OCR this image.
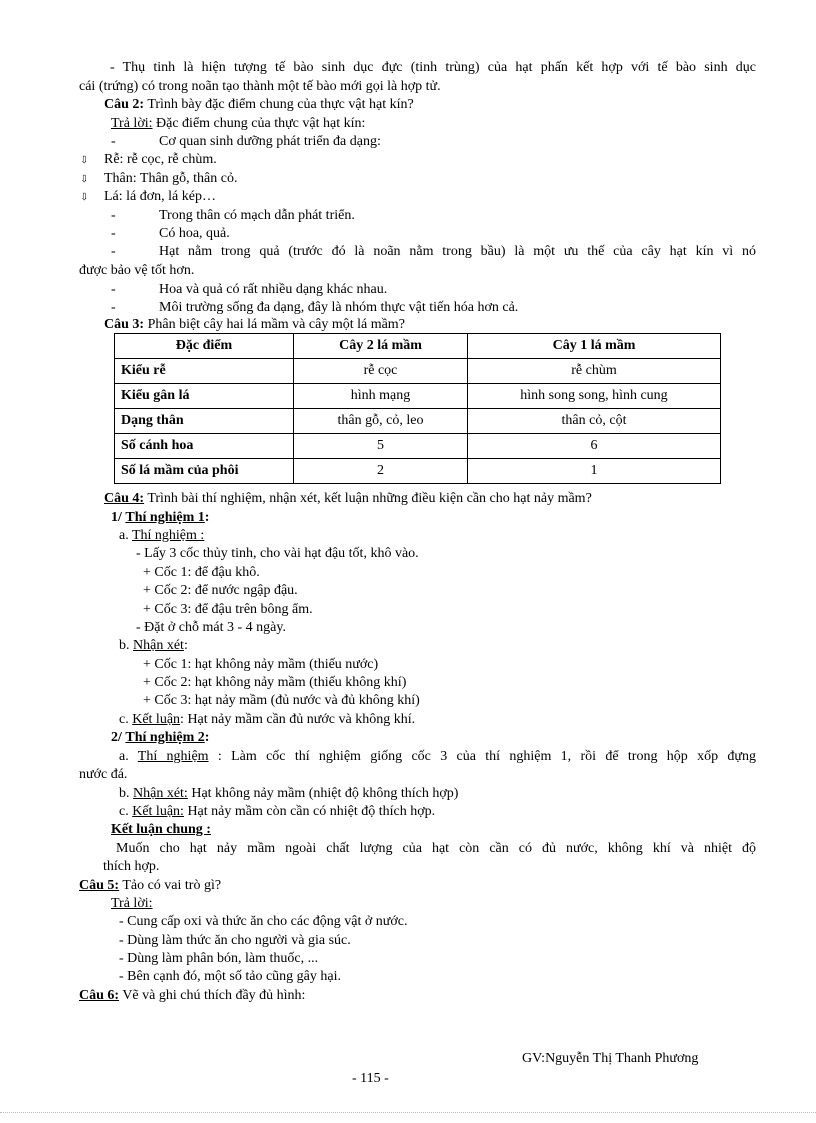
- Thụ tinh là hiện tượng tế bào sinh dục đực (tinh trùng) của hạt phấn kết hợp với tế bào sinh dục
cái (trứng) có trong noãn tạo thành một tế bào mới gọi là hợp tử.
Câu 2: Trình bày đặc điểm chung của thực vật hạt kín?
Trả lời: Đặc điểm chung của thực vật hạt kín:
-	Cơ quan sinh dưỡng phát triển đa dạng:
⇩ Rễ: rễ cọc, rễ chùm.
⇩ Thân: Thân gỗ, thân cỏ.
⇩ Lá: lá đơn, lá kép…
-	Trong thân có mạch dẫn phát triển.
-	Có hoa, quả.
-	Hạt nằm trong quả (trước đó là noãn nằm trong bầu) là một ưu thế của cây hạt kín vì nó
được bảo vệ tốt hơn.
-	Hoa và quả có rất nhiều dạng khác nhau.
-	Môi trường sống đa dạng, đây là nhóm thực vật tiến hóa hơn cả.
Câu 3: Phân biệt cây hai lá mầm và cây một lá mầm?
Đặc điểm	Cây 2 lá mầm	Cây 1 lá mầm
Kiểu rễ	rễ cọc	rễ chùm
Kiểu gân lá	hình mạng	hình song song, hình cung
Dạng thân	thân gỗ, cỏ, leo	thân cỏ, cột
Số cánh hoa	5	6
Số lá mầm của phôi	2	1
Câu 4: Trình bài thí nghiệm, nhận xét, kết luận những điều kiện cần cho hạt nảy mầm?
1/ Thí nghiệm 1:
a. Thí nghiệm :
- Lấy 3 cốc thủy tinh, cho vài hạt đậu tốt, khô vào.
+ Cốc 1: để đậu khô.
+ Cốc 2: để nước ngập đậu.
+ Cốc 3: để đậu trên bông ẩm.
- Đặt ở chỗ mát 3 - 4 ngày.
b. Nhận xét:
+ Cốc 1: hạt không nảy mầm (thiếu nước)
+ Cốc 2: hạt không nảy mầm (thiếu không khí)
+ Cốc 3: hạt nảy mầm (đủ nước và đủ không khí)
c. Kết luận: Hạt nảy mầm cần đủ nước và không khí.
2/ Thí nghiệm 2:
a. Thí nghiệm : Làm cốc thí nghiệm giống cốc 3 của thí nghiệm 1, rồi để trong hộp xốp đựng
nước đá.
b. Nhận xét: Hạt không nảy mầm (nhiệt độ không thích hợp)
c. Kết luận: Hạt nảy mầm còn cần có nhiệt độ thích hợp.
Kết luận chung :
Muốn cho hạt nảy mầm ngoài chất lượng của hạt còn cần có đủ nước, không khí và nhiệt độ
thích hợp.
Câu 5: Tảo có vai trò gì?
Trả lời:
- Cung cấp oxi và thức ăn cho các động vật ở nước.
- Dùng làm thức ăn cho người và gia súc.
- Dùng làm phân bón, làm thuốc, ...
- Bên cạnh đó, một số tảo cũng gây hại.
Câu 6: Vẽ và ghi chú thích đầy đủ hình:
GV:Nguyễn Thị Thanh Phương
- 115 -
